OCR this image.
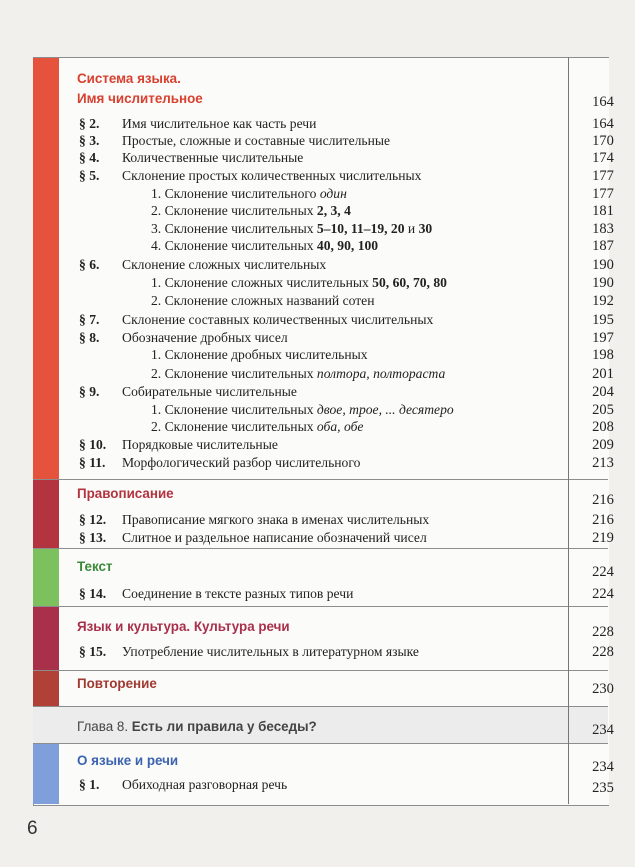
Система языка.
Имя числительное	164
§ 2. Имя числительное как часть речи	164
§ 3. Простые, сложные и составные числительные	170
§ 4. Количественные числительные	174
§ 5. Склонение простых количественных числительных	177
1. Склонение числительного один	177
2. Склонение числительных 2, 3, 4	181
3. Склонение числительных 5–10, 11–19, 20 и 30	183
4. Склонение числительных 40, 90, 100	187
§ 6. Склонение сложных числительных	190
1. Склонение сложных числительных 50, 60, 70, 80	190
2. Склонение сложных названий сотен	192
§ 7. Склонение составных количественных числительных	195
§ 8. Обозначение дробных чисел	197
1. Склонение дробных числительных	198
2. Склонение числительных полтора, полтораста	201
§ 9. Собирательные числительные	204
1. Склонение числительных двое, трое, ... десятеро	205
2. Склонение числительных оба, обе	208
§ 10. Порядковые числительные	209
§ 11. Морфологический разбор числительного	213
Правописание	216
§ 12. Правописание мягкого знака в именах числительных	216
§ 13. Слитное и раздельное написание обозначений чисел	219
Текст	224
§ 14. Соединение в тексте разных типов речи	224
Язык и культура. Культура речи	228
§ 15. Употребление числительных в литературном языке	228
Повторение	230
Глава 8. Есть ли правила у беседы?	234
О языке и речи	234
§ 1. Обиходная разговорная речь	235
6
